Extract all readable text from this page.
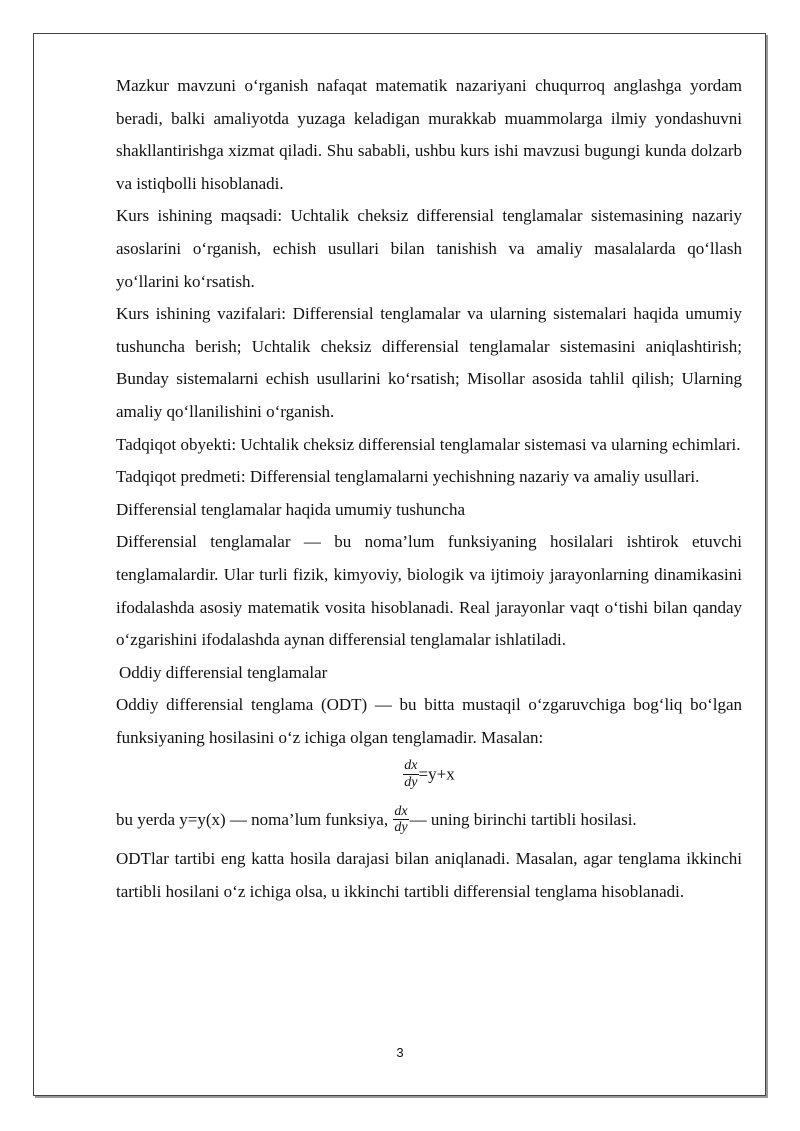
Mazkur mavzuni o‘rganish nafaqat matematik nazariyani chuqurroq anglashga yordam beradi, balki amaliyotda yuzaga keladigan murakkab muammolarga ilmiy yondashuvni shakllantirishga xizmat qiladi. Shu sababli, ushbu kurs ishi mavzusi bugungi kunda dolzarb va istiqbolli hisoblanadi.

Kurs ishining maqsadi: Uchtalik cheksiz differensial tenglamalar sistemasining nazariy asoslarini o‘rganish, echish usullari bilan tanishish va amaliy masalalarda qo‘llash yo‘llarini ko‘rsatish.

Kurs ishining vazifalari: Differensial tenglamalar va ularning sistemalari haqida umumiy tushuncha berish; Uchtalik cheksiz differensial tenglamalar sistemasini aniqlashtirish; Bunday sistemalarni echish usullarini ko‘rsatish; Misollar asosida tahlil qilish; Ularning amaliy qo‘llanilishini o‘rganish.

Tadqiqot obyekti: Uchtalik cheksiz differensial tenglamalar sistemasi va ularning echimlari.

Tadqiqot predmeti: Differensial tenglamalarni yechishning nazariy va amaliy usullari.

Differensial tenglamalar haqida umumiy tushuncha

Differensial tenglamalar — bu noma’lum funksiyaning hosilalari ishtirok etuvchi tenglamalardir. Ular turli fizik, kimyoviy, biologik va ijtimoiy jarayonlarning dinamikasini ifodalashda asosiy matematik vosita hisoblanadi. Real jarayonlar vaqt o‘tishi bilan qanday o‘zgarishini ifodalashda aynan differensial tenglamalar ishlatiladi.

Oddiy differensial tenglamalar

Oddiy differensial tenglama (ODT) — bu bitta mustaqil o‘zgaruvchiga bog‘liq bo‘lgan funksiyaning hosilasini o‘z ichiga olgan tenglamadir. Masalan:

$\frac{dx}{dy} =y+x$

bu yerda y=y(x) — noma’lum funksiya, $\frac{dx}{dy}$ — uning birinchi tartibli hosilasi.

ODTlar tartibi eng katta hosila darajasi bilan aniqlanadi. Masalan, agar tenglama ikkinchi tartibli hosilani o‘z ichiga olsa, u ikkinchi tartibli differensial tenglama hisoblanadi.

3
